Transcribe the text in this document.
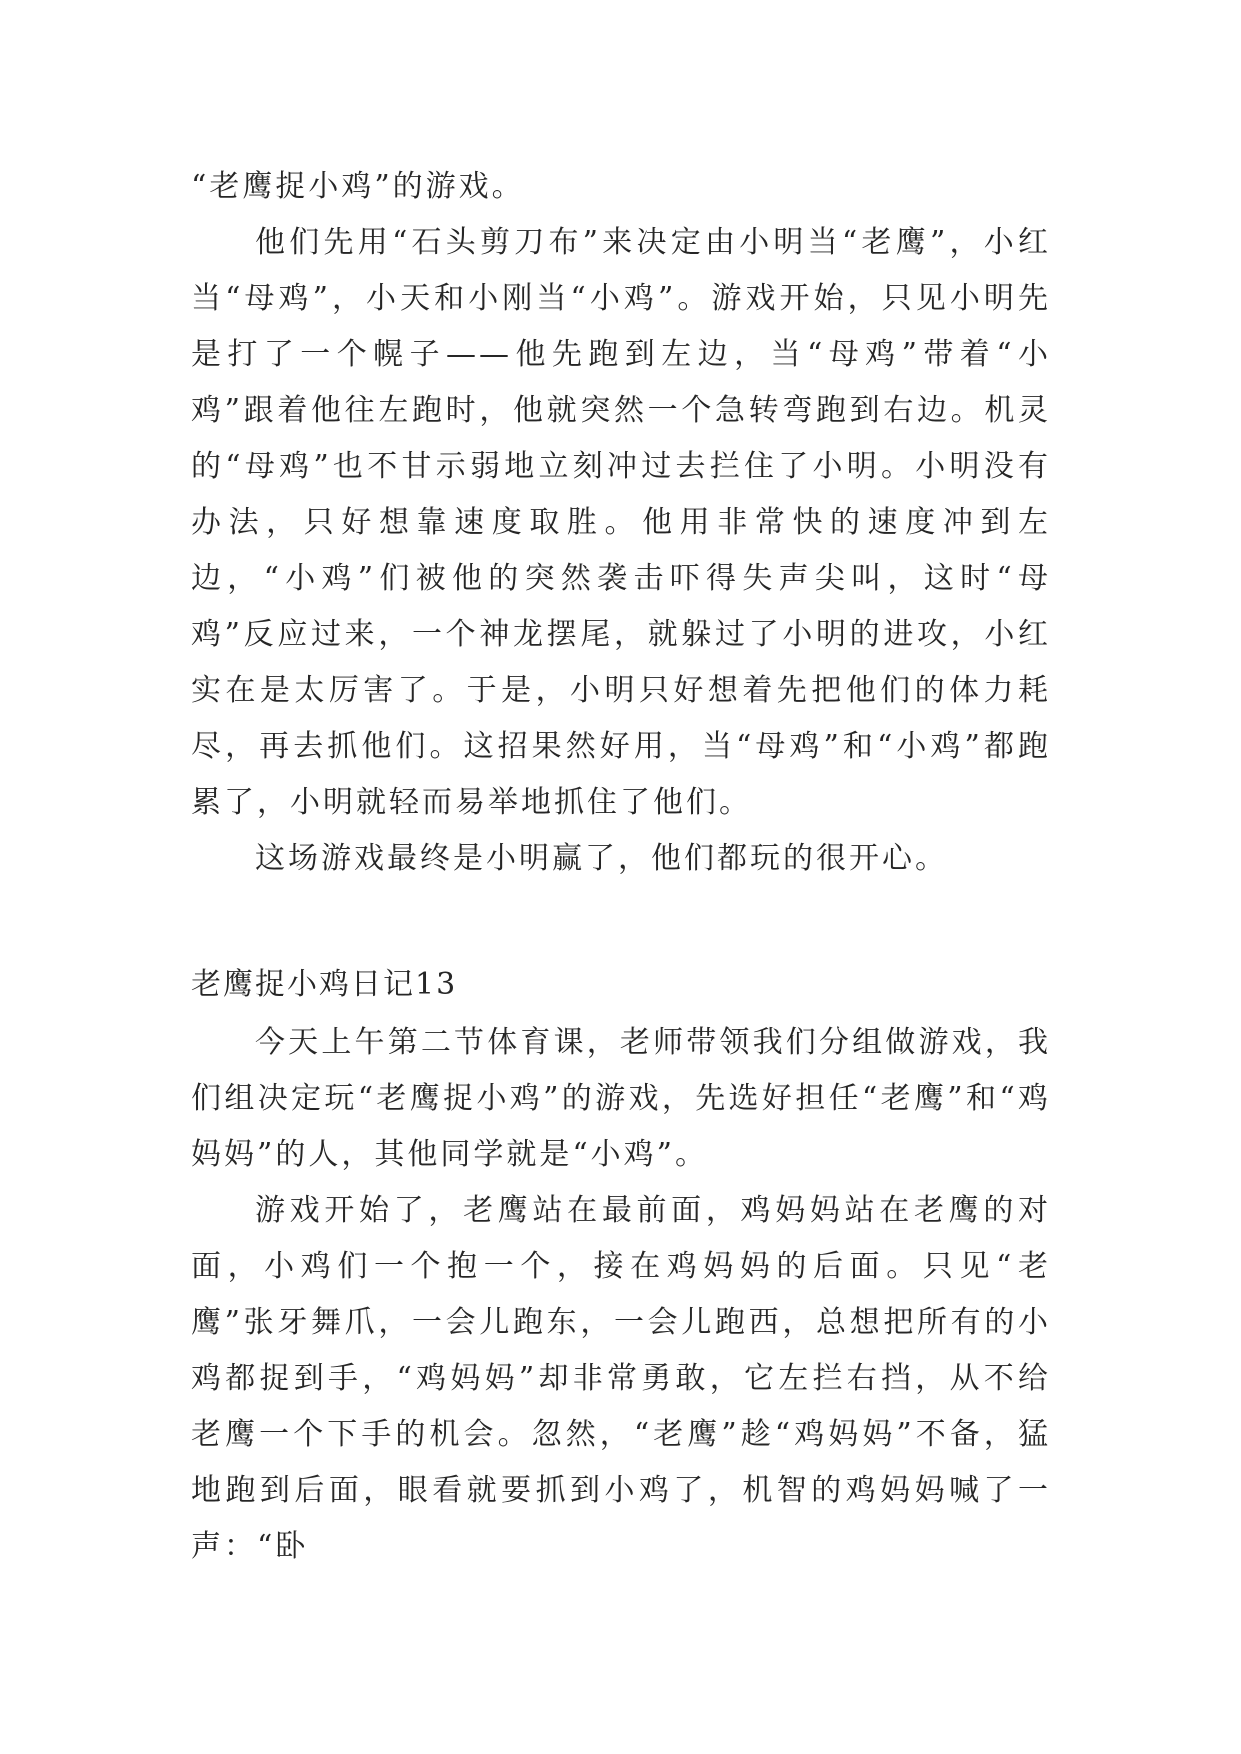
“老鹰捉小鸡”的游戏。

他们先用“石头剪刀布”来决定由小明当“老鹰”，小红当“母鸡”，小天和小刚当“小鸡”。游戏开始，只见小明先是打了一个幌子——他先跑到左边，当“母鸡”带着“小鸡”跟着他往左跑时，他就突然一个急转弯跑到右边。机灵的“母鸡”也不甘示弱地立刻冲过去拦住了小明。小明没有办法，只好想靠速度取胜。他用非常快的速度冲到左边，“小鸡”们被他的突然袭击吓得失声尖叫，这时“母鸡”反应过来，一个神龙摆尾，就躲过了小明的进攻，小红实在是太厉害了。于是，小明只好想着先把他们的体力耗尽，再去抓他们。这招果然好用，当“母鸡”和“小鸡”都跑累了，小明就轻而易举地抓住了他们。

这场游戏最终是小明赢了，他们都玩的很开心。

老鹰捉小鸡日记13

今天上午第二节体育课，老师带领我们分组做游戏，我们组决定玩“老鹰捉小鸡”的游戏，先选好担任“老鹰”和“鸡妈妈”的人，其他同学就是“小鸡”。

游戏开始了，老鹰站在最前面，鸡妈妈站在老鹰的对面，小鸡们一个抱一个，接在鸡妈妈的后面。只见“老鹰”张牙舞爪，一会儿跑东，一会儿跑西，总想把所有的小鸡都捉到手，“鸡妈妈”却非常勇敢，它左拦右挡，从不给老鹰一个下手的机会。忽然，“老鹰”趁“鸡妈妈”不备，猛地跑到后面，眼看就要抓到小鸡了，机智的鸡妈妈喊了一声：“卧
